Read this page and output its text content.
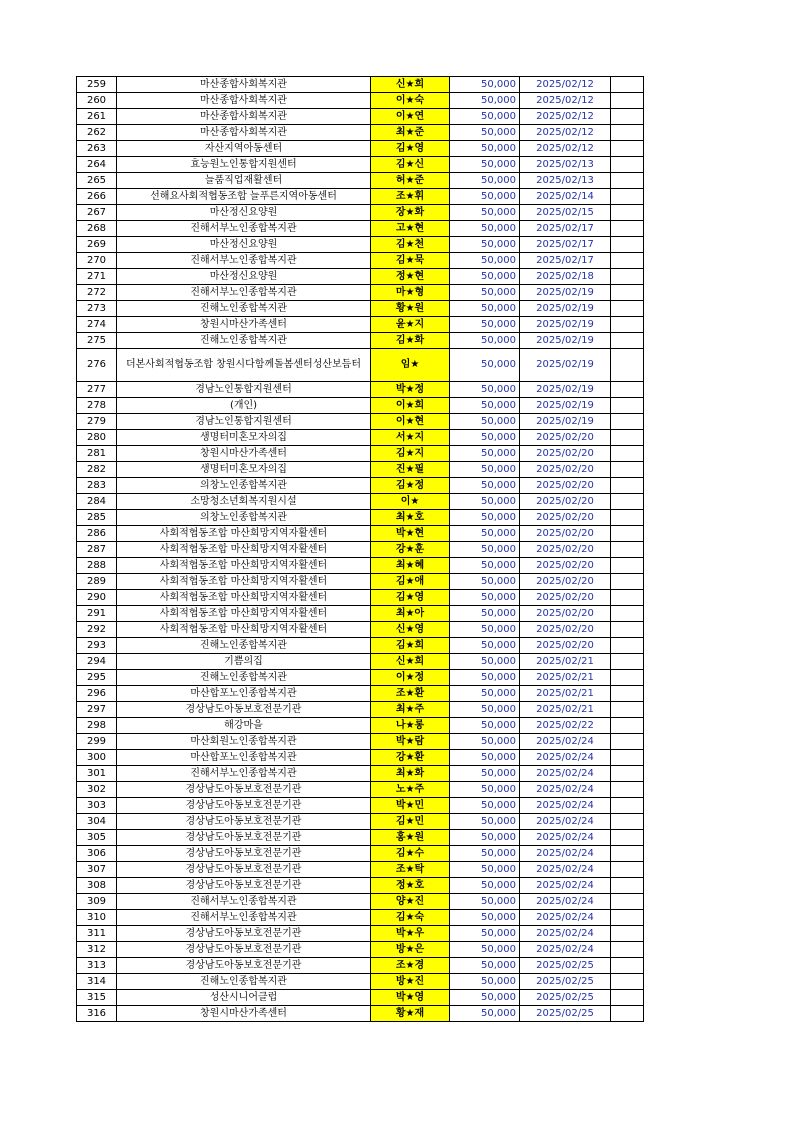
259	마산종합사회복지관	신★희	50,000	2025/02/12	
260	마산종합사회복지관	이★숙	50,000	2025/02/12	
261	마산종합사회복지관	이★연	50,000	2025/02/12	
262	마산종합사회복지관	최★준	50,000	2025/02/12	
263	자산지역아동센터	김★영	50,000	2025/02/12	
264	효능원노인통합지원센터	김★신	50,000	2025/02/13	
265	늘품직업재활센터	허★준	50,000	2025/02/13	
266	선해요사회적협동조합 늘푸른지역아동센터	조★휘	50,000	2025/02/14	
267	마산정신요양원	장★화	50,000	2025/02/15	
268	진해서부노인종합복지관	고★현	50,000	2025/02/17	
269	마산정신요양원	김★천	50,000	2025/02/17	
270	진해서부노인종합복지관	김★묵	50,000	2025/02/17	
271	마산정신요양원	정★현	50,000	2025/02/18	
272	진해서부노인종합복지관	마★형	50,000	2025/02/19	
273	진해노인종합복지관	황★원	50,000	2025/02/19	
274	창원시마산가족센터	윤★지	50,000	2025/02/19	
275	진해노인종합복지관	김★화	50,000	2025/02/19	
276	더본사회적협동조합 창원시다함께돌봄센터성산보듬터	임★	50,000	2025/02/19	
277	경남노인통합지원센터	박★정	50,000	2025/02/19	
278	(개인)	이★희	50,000	2025/02/19	
279	경남노인통합지원센터	이★현	50,000	2025/02/19	
280	생명터미혼모자의집	서★지	50,000	2025/02/20	
281	창원시마산가족센터	김★지	50,000	2025/02/20	
282	생명터미혼모자의집	진★필	50,000	2025/02/20	
283	의창노인종합복지관	김★정	50,000	2025/02/20	
284	소망청소년회복지원시설	이★	50,000	2025/02/20	
285	의창노인종합복지관	최★호	50,000	2025/02/20	
286	사회적협동조합 마산희망지역자활센터	박★현	50,000	2025/02/20	
287	사회적협동조합 마산희망지역자활센터	강★훈	50,000	2025/02/20	
288	사회적협동조합 마산희망지역자활센터	최★혜	50,000	2025/02/20	
289	사회적협동조합 마산희망지역자활센터	김★애	50,000	2025/02/20	
290	사회적협동조합 마산희망지역자활센터	김★영	50,000	2025/02/20	
291	사회적협동조합 마산희망지역자활센터	최★아	50,000	2025/02/20	
292	사회적협동조합 마산희망지역자활센터	신★영	50,000	2025/02/20	
293	진해노인종합복지관	김★희	50,000	2025/02/20	
294	기쁨의집	신★희	50,000	2025/02/21	
295	진해노인종합복지관	이★정	50,000	2025/02/21	
296	마산합포노인종합복지관	조★환	50,000	2025/02/21	
297	경상남도아동보호전문기관	최★주	50,000	2025/02/21	
298	해강마을	나★롱	50,000	2025/02/22	
299	마산회원노인종합복지관	박★람	50,000	2025/02/24	
300	마산합포노인종합복지관	강★환	50,000	2025/02/24	
301	진해서부노인종합복지관	최★화	50,000	2025/02/24	
302	경상남도아동보호전문기관	노★주	50,000	2025/02/24	
303	경상남도아동보호전문기관	박★민	50,000	2025/02/24	
304	경상남도아동보호전문기관	김★민	50,000	2025/02/24	
305	경상남도아동보호전문기관	홍★원	50,000	2025/02/24	
306	경상남도아동보호전문기관	김★수	50,000	2025/02/24	
307	경상남도아동보호전문기관	조★탁	50,000	2025/02/24	
308	경상남도아동보호전문기관	정★호	50,000	2025/02/24	
309	진해서부노인종합복지관	양★진	50,000	2025/02/24	
310	진해서부노인종합복지관	김★숙	50,000	2025/02/24	
311	경상남도아동보호전문기관	박★우	50,000	2025/02/24	
312	경상남도아동보호전문기관	방★은	50,000	2025/02/24	
313	경상남도아동보호전문기관	조★경	50,000	2025/02/25	
314	진해노인종합복지관	방★진	50,000	2025/02/25	
315	성산시니어클럽	박★영	50,000	2025/02/25	
316	창원시마산가족센터	황★재	50,000	2025/02/25	
